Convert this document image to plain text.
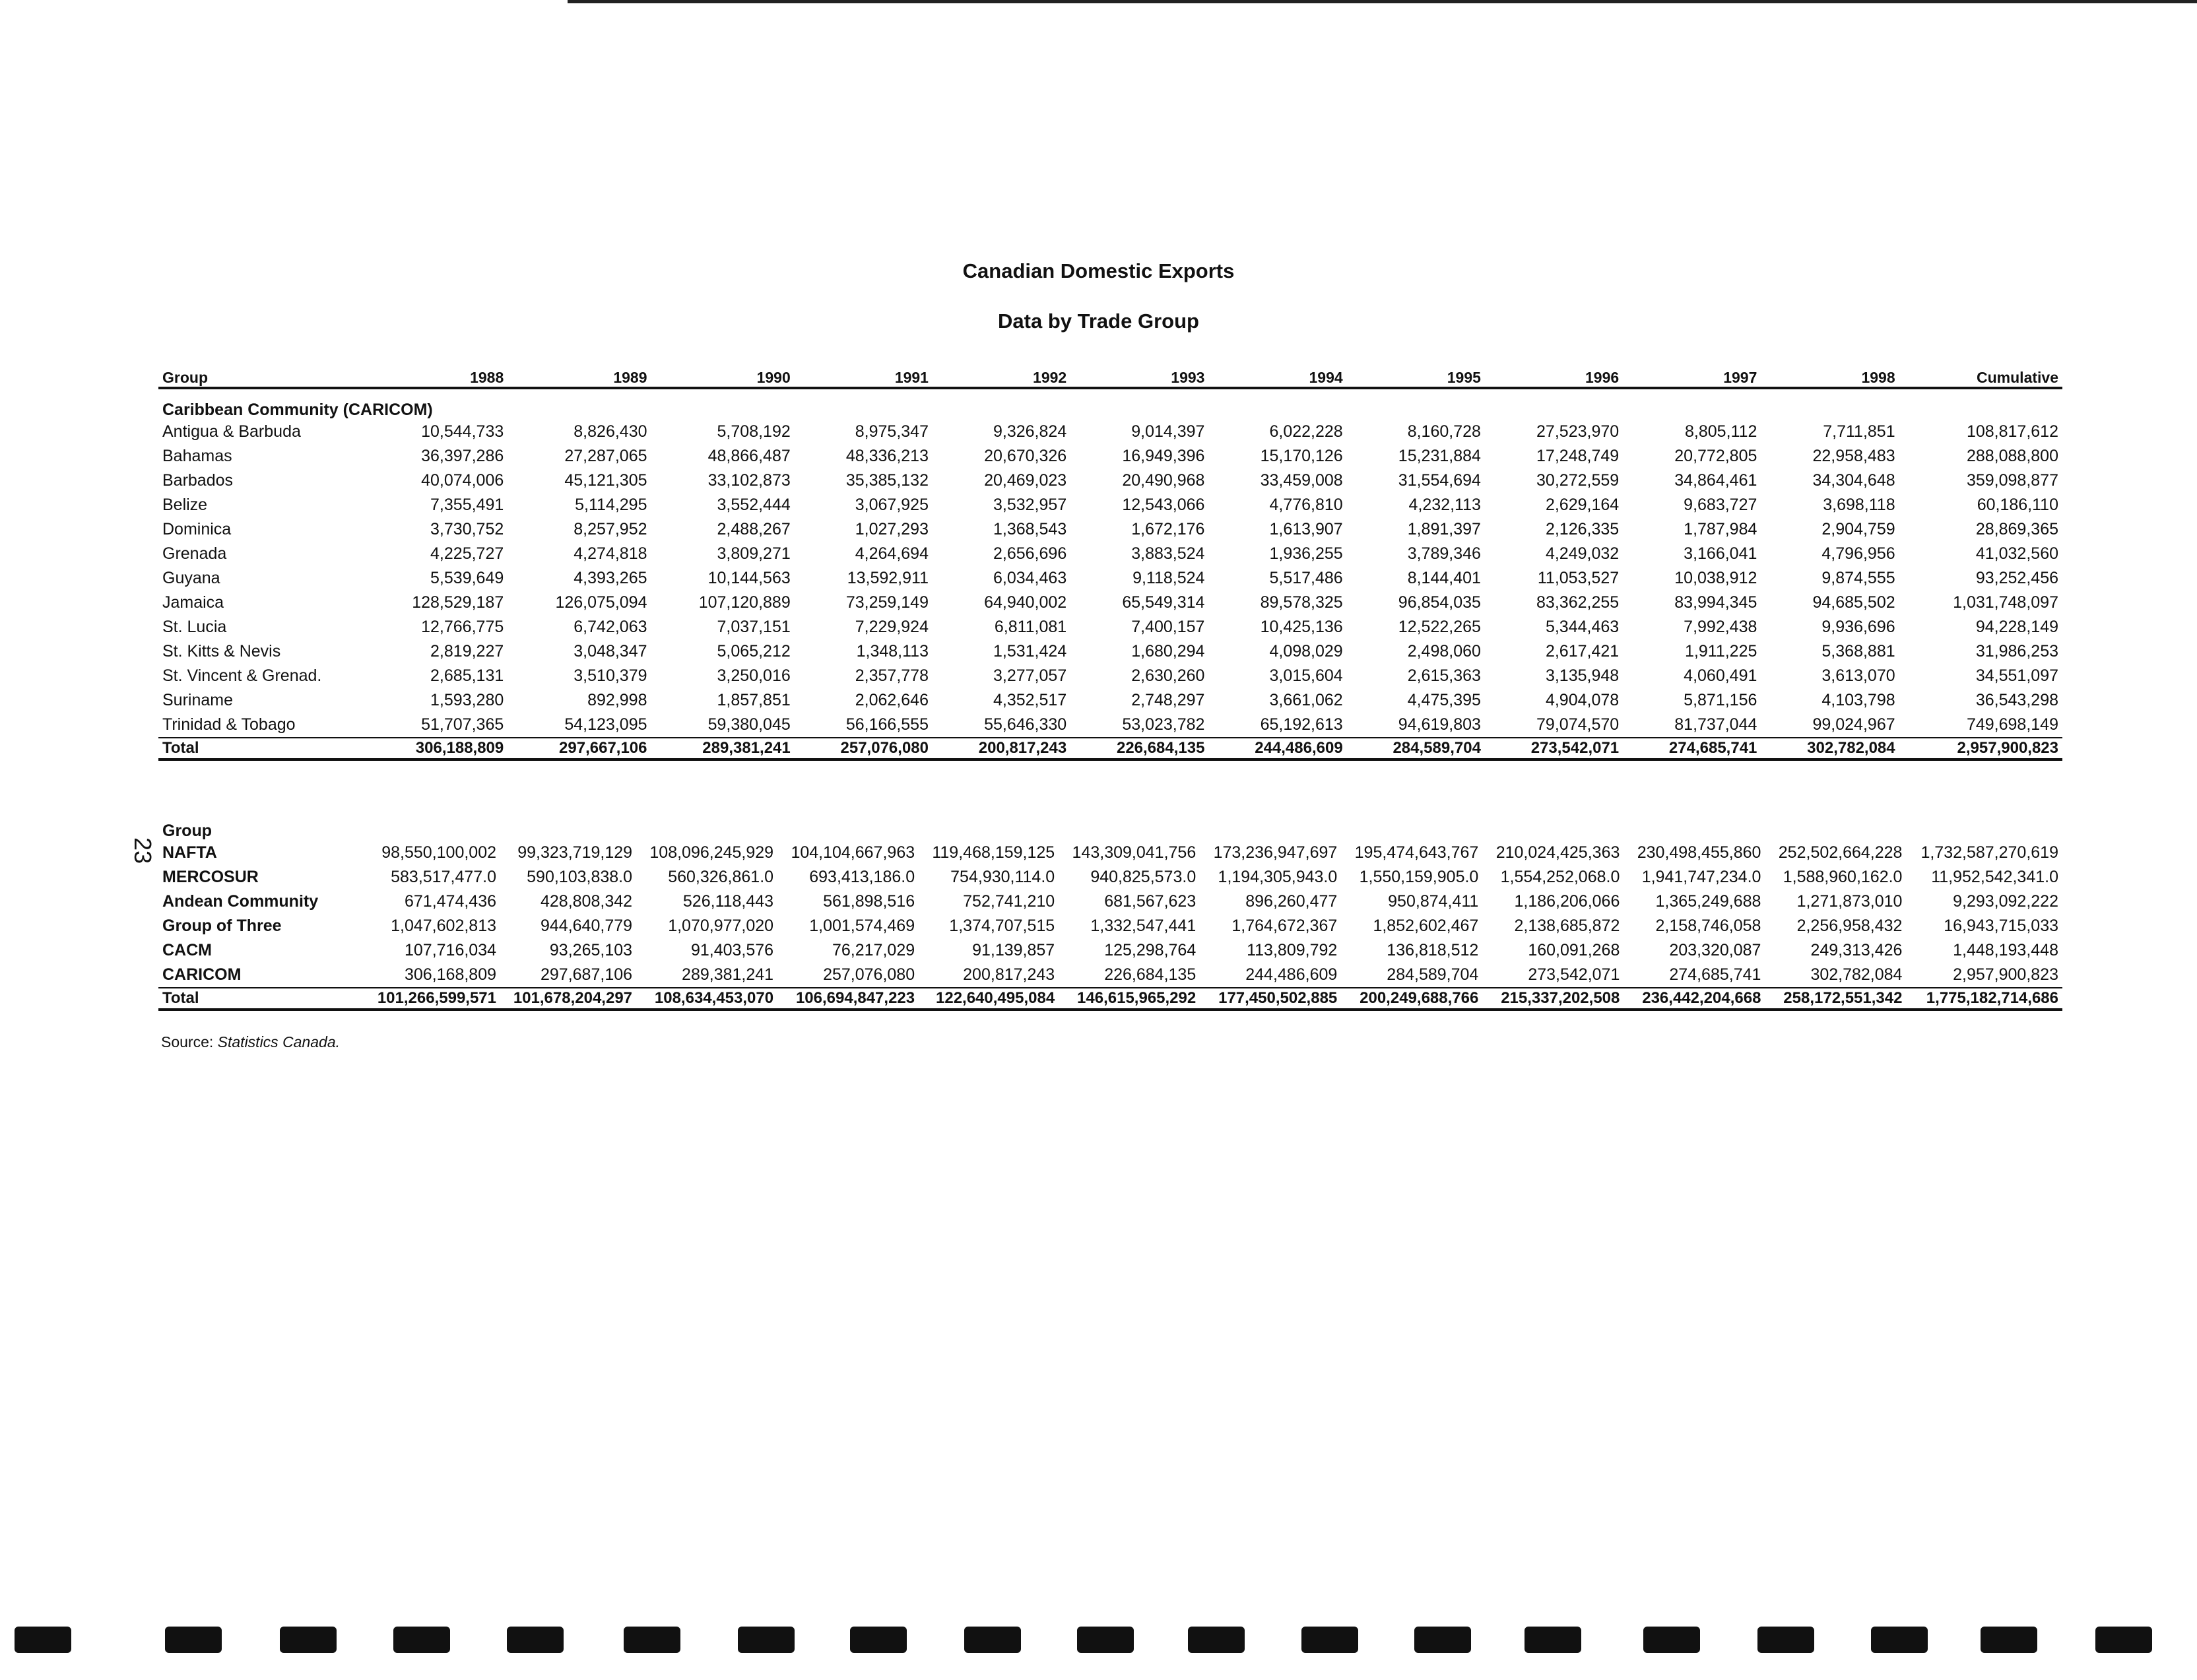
Canadian Domestic Exports
Data by Trade Group
23
Group	1988	1989	1990	1991	1992	1993	1994	1995	1996	1997	1998	Cumulative
Caribbean Community (CARICOM)												
Antigua & Barbuda	10,544,733	8,826,430	5,708,192	8,975,347	9,326,824	9,014,397	6,022,228	8,160,728	27,523,970	8,805,112	7,711,851	108,817,612
Bahamas	36,397,286	27,287,065	48,866,487	48,336,213	20,670,326	16,949,396	15,170,126	15,231,884	17,248,749	20,772,805	22,958,483	288,088,800
Barbados	40,074,006	45,121,305	33,102,873	35,385,132	20,469,023	20,490,968	33,459,008	31,554,694	30,272,559	34,864,461	34,304,648	359,098,877
Belize	7,355,491	5,114,295	3,552,444	3,067,925	3,532,957	12,543,066	4,776,810	4,232,113	2,629,164	9,683,727	3,698,118	60,186,110
Dominica	3,730,752	8,257,952	2,488,267	1,027,293	1,368,543	1,672,176	1,613,907	1,891,397	2,126,335	1,787,984	2,904,759	28,869,365
Grenada	4,225,727	4,274,818	3,809,271	4,264,694	2,656,696	3,883,524	1,936,255	3,789,346	4,249,032	3,166,041	4,796,956	41,032,560
Guyana	5,539,649	4,393,265	10,144,563	13,592,911	6,034,463	9,118,524	5,517,486	8,144,401	11,053,527	10,038,912	9,874,555	93,252,456
Jamaica	128,529,187	126,075,094	107,120,889	73,259,149	64,940,002	65,549,314	89,578,325	96,854,035	83,362,255	83,994,345	94,685,502	1,031,748,097
St. Lucia	12,766,775	6,742,063	7,037,151	7,229,924	6,811,081	7,400,157	10,425,136	12,522,265	5,344,463	7,992,438	9,936,696	94,228,149
St. Kitts & Nevis	2,819,227	3,048,347	5,065,212	1,348,113	1,531,424	1,680,294	4,098,029	2,498,060	2,617,421	1,911,225	5,368,881	31,986,253
St. Vincent & Grenad.	2,685,131	3,510,379	3,250,016	2,357,778	3,277,057	2,630,260	3,015,604	2,615,363	3,135,948	4,060,491	3,613,070	34,551,097
Suriname	1,593,280	892,998	1,857,851	2,062,646	4,352,517	2,748,297	3,661,062	4,475,395	4,904,078	5,871,156	4,103,798	36,543,298
Trinidad & Tobago	51,707,365	54,123,095	59,380,045	56,166,555	55,646,330	53,023,782	65,192,613	94,619,803	79,074,570	81,737,044	99,024,967	749,698,149
Total	306,188,809	297,667,106	289,381,241	257,076,080	200,817,243	226,684,135	244,486,609	284,589,704	273,542,071	274,685,741	302,782,084	2,957,900,823
Group												
NAFTA	98,550,100,002	99,323,719,129	108,096,245,929	104,104,667,963	119,468,159,125	143,309,041,756	173,236,947,697	195,474,643,767	210,024,425,363	230,498,455,860	252,502,664,228	1,732,587,270,619
MERCOSUR	583,517,477.0	590,103,838.0	560,326,861.0	693,413,186.0	754,930,114.0	940,825,573.0	1,194,305,943.0	1,550,159,905.0	1,554,252,068.0	1,941,747,234.0	1,588,960,162.0	11,952,542,341.0
Andean Community	671,474,436	428,808,342	526,118,443	561,898,516	752,741,210	681,567,623	896,260,477	950,874,411	1,186,206,066	1,365,249,688	1,271,873,010	9,293,092,222
Group of Three	1,047,602,813	944,640,779	1,070,977,020	1,001,574,469	1,374,707,515	1,332,547,441	1,764,672,367	1,852,602,467	2,138,685,872	2,158,746,058	2,256,958,432	16,943,715,033
CACM	107,716,034	93,265,103	91,403,576	76,217,029	91,139,857	125,298,764	113,809,792	136,818,512	160,091,268	203,320,087	249,313,426	1,448,193,448
CARICOM	306,168,809	297,687,106	289,381,241	257,076,080	200,817,243	226,684,135	244,486,609	284,589,704	273,542,071	274,685,741	302,782,084	2,957,900,823
Total	101,266,599,571	101,678,204,297	108,634,453,070	106,694,847,223	122,640,495,084	146,615,965,292	177,450,502,885	200,249,688,766	215,337,202,508	236,442,204,668	258,172,551,342	1,775,182,714,686
Source: Statistics Canada.
